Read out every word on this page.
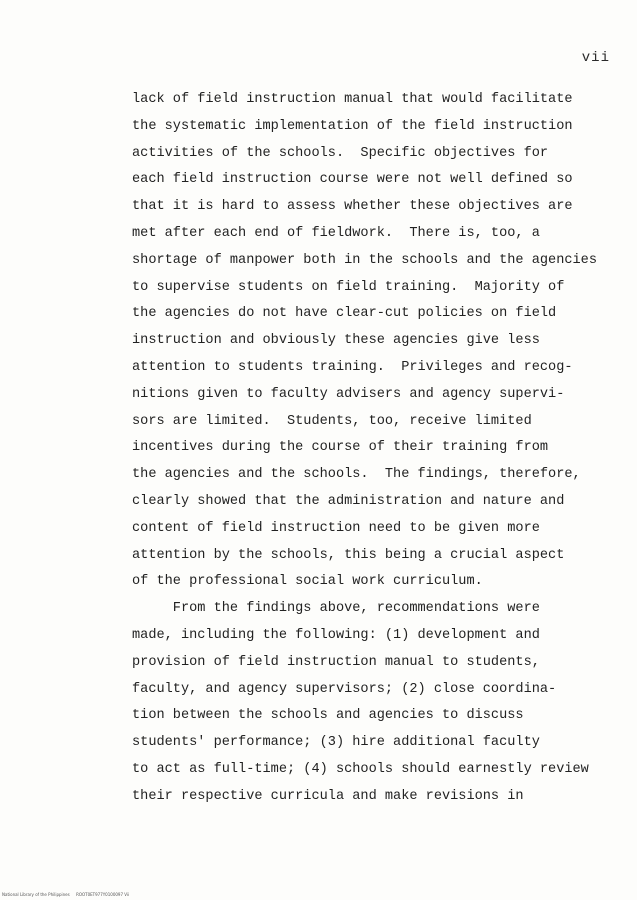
vii
lack of field instruction manual that would facilitate
the systematic implementation of the field instruction
activities of the schools.  Specific objectives for
each field instruction course were not well defined so
that it is hard to assess whether these objectives are
met after each end of fieldwork.  There is, too, a
shortage of manpower both in the schools and the agencies
to supervise students on field training.  Majority of
the agencies do not have clear-cut policies on field
instruction and obviously these agencies give less
attention to students training.  Privileges and recog-
nitions given to faculty advisers and agency supervi-
sors are limited.  Students, too, receive limited
incentives during the course of their training from
the agencies and the schools.  The findings, therefore,
clearly showed that the administration and nature and
content of field instruction need to be given more
attention by the schools, this being a crucial aspect
of the professional social work curriculum.
From the findings above, recommendations were
made, including the following: (1) development and
provision of field instruction manual to students,
faculty, and agency supervisors; (2) close coordina-
tion between the schools and agencies to discuss
students' performance; (3) hire additional faculty
to act as full-time; (4) schools should earnestly review
their respective curricula and make revisions in
National Library of the Philippines     ROOT0ET977Y0100097 Vii
